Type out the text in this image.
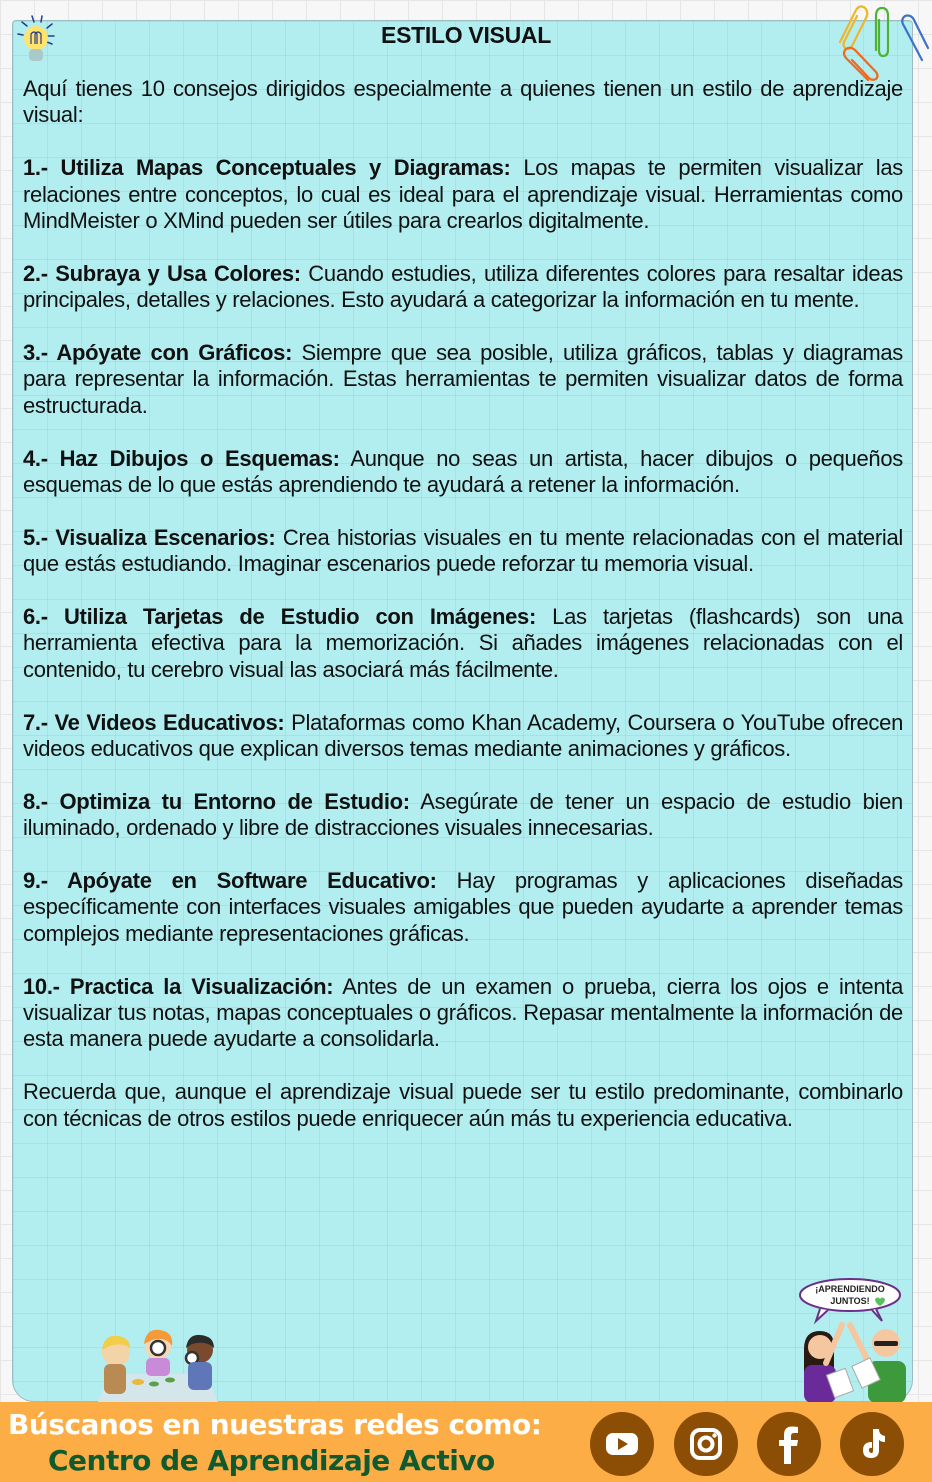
ESTILO VISUAL

Aquí tienes 10 consejos dirigidos especialmente a quienes tienen un estilo de aprendizaje visual:

1.- Utiliza Mapas Conceptuales y Diagramas: Los mapas te permiten visualizar las relaciones entre conceptos, lo cual es ideal para el aprendizaje visual. Herramientas como MindMeister o XMind pueden ser útiles para crearlos digitalmente.

2.- Subraya y Usa Colores: Cuando estudies, utiliza diferentes colores para resaltar ideas principales, detalles y relaciones. Esto ayudará a categorizar la información en tu mente.

3.- Apóyate con Gráficos: Siempre que sea posible, utiliza gráficos, tablas y diagramas para representar la información. Estas herramientas te permiten visualizar datos de forma estructurada.

4.- Haz Dibujos o Esquemas: Aunque no seas un artista, hacer dibujos o pequeños esquemas de lo que estás aprendiendo te ayudará a retener la información.

5.- Visualiza Escenarios: Crea historias visuales en tu mente relacionadas con el material que estás estudiando. Imaginar escenarios puede reforzar tu memoria visual.

6.- Utiliza Tarjetas de Estudio con Imágenes: Las tarjetas (flashcards) son una herramienta efectiva para la memorización. Si añades imágenes relacionadas con el contenido, tu cerebro visual las asociará más fácilmente.

7.- Ve Videos Educativos: Plataformas como Khan Academy, Coursera o YouTube ofrecen videos educativos que explican diversos temas mediante animaciones y gráficos.

8.- Optimiza tu Entorno de Estudio: Asegúrate de tener un espacio de estudio bien iluminado, ordenado y libre de distracciones visuales innecesarias.

9.- Apóyate en Software Educativo: Hay programas y aplicaciones diseñadas específicamente con interfaces visuales amigables que pueden ayudarte a aprender temas complejos mediante representaciones gráficas.

10.- Practica la Visualización: Antes de un examen o prueba, cierra los ojos e intenta visualizar tus notas, mapas conceptuales o gráficos. Repasar mentalmente la información de esta manera puede ayudarte a consolidarla.

Recuerda que, aunque el aprendizaje visual puede ser tu estilo predominante, combinarlo con técnicas de otros estilos puede enriquecer aún más tu experiencia educativa.

¡APRENDIENDO
JUNTOS!
Búscanos en nuestras redes como:
Centro de Aprendizaje Activo
